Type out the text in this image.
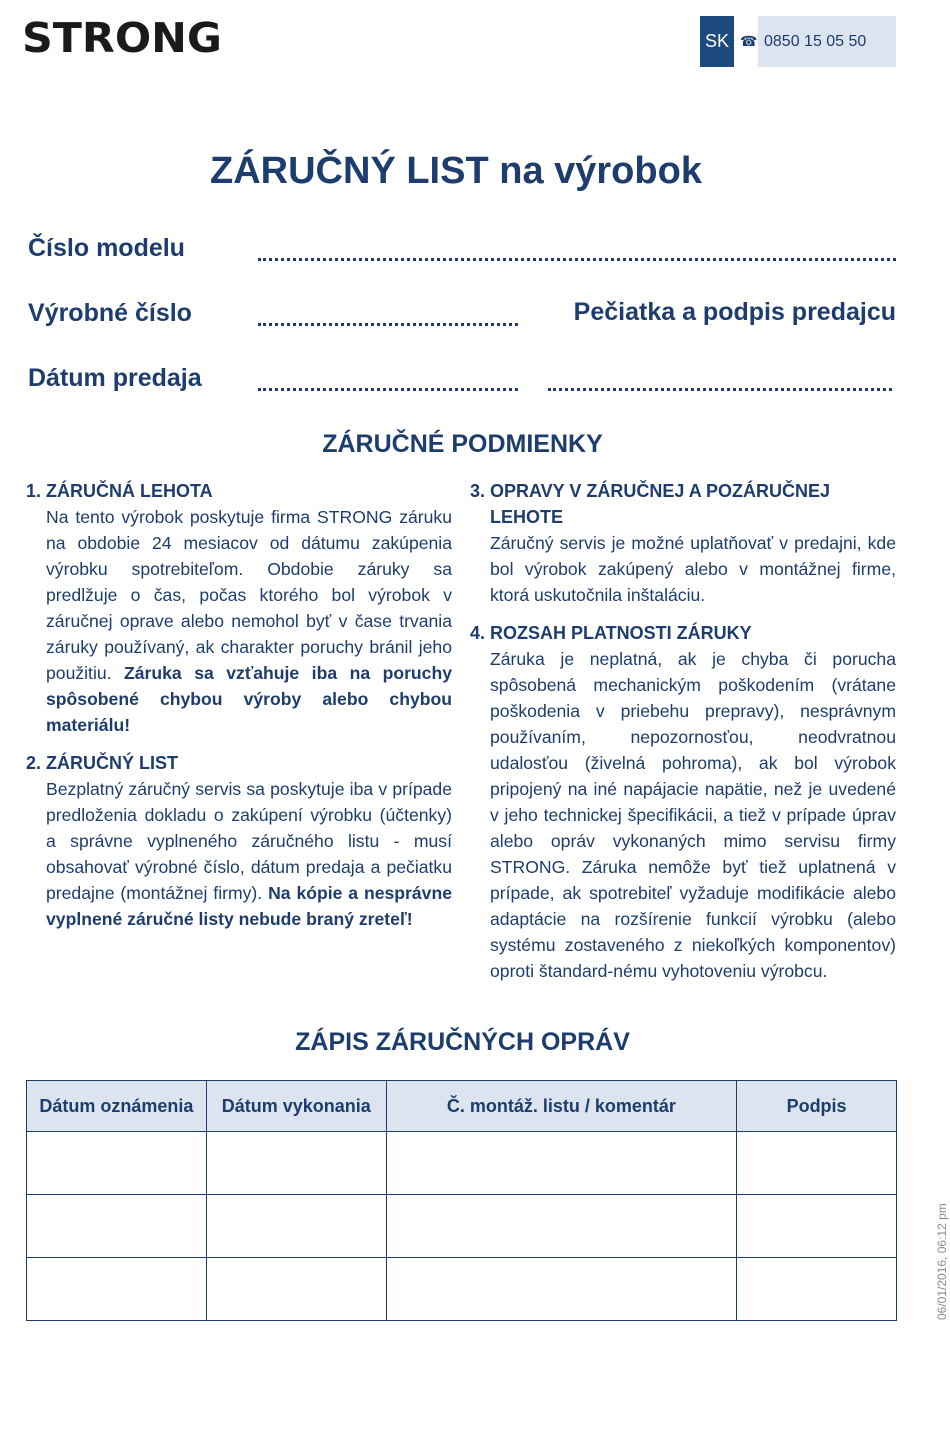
STRONG	SK ☎ 0850 15 05 50
ZÁRUČNÝ LIST na výrobok
Číslo modelu
Výrobné číslo	Pečiatka a podpis predajcu
Dátum predaja
ZÁRUČNÉ PODMIENKY
1. ZÁRUČNÁ LEHOTA

Na tento výrobok poskytuje firma STRONG záruku na obdobie 24 mesiacov od dátumu zakúpenia výrobku spotrebiteľom. Obdobie záruky sa predlžuje o čas, počas ktorého bol výrobok v záručnej oprave alebo nemohol byť v čase trvania záruky používaný, ak charakter poruchy bránil jeho použitiu. Záruka sa vzťahuje iba na poruchy spôsobené chybou výroby alebo chybou materiálu!

2. ZÁRUČNÝ LIST

Bezplatný záručný servis sa poskytuje iba v prípade predloženia dokladu o zakúpení výrobku (účtenky) a správne vyplneného záručného listu - musí obsahovať výrobné číslo, dátum predaja a pečiatku predajne (montážnej firmy). Na kópie a nesprávne vyplnené záručné listy nebude braný zreteľ!

3. OPRAVY V ZÁRUČNEJ A POZÁRUČNEJ LEHOTE

Záručný servis je možné uplatňovať v predajni, kde bol výrobok zakúpený alebo v montážnej firme, ktorá uskutočnila inštaláciu.

4. ROZSAH PLATNOSTI ZÁRUKY

Záruka je neplatná, ak je chyba či porucha spôsobená mechanickým poškodením (vrátane poškodenia v priebehu prepravy), nesprávnym používaním, nepozornosťou, neodvratnou udalosťou (živelná pohroma), ak bol výrobok pripojený na iné napájacie napätie, než je uvedené v jeho technickej špecifikácii, a tiež v prípade úprav alebo opráv vykonaných mimo servisu firmy STRONG. Záruka nemôže byť tiež uplatnená v prípade, ak spotrebiteľ vyžaduje modifikácie alebo adaptácie na rozšírenie funkcií výrobku (alebo systému zostaveného z niekoľkých komponentov) oproti štandard-nému vyhotoveniu výrobcu.

ZÁPIS ZÁRUČNÝCH OPRÁV
Dátum oznámenia	Dátum vykonania	Č. montáž. listu / komentár	Podpis

06/01/2016, 06:12 pm
